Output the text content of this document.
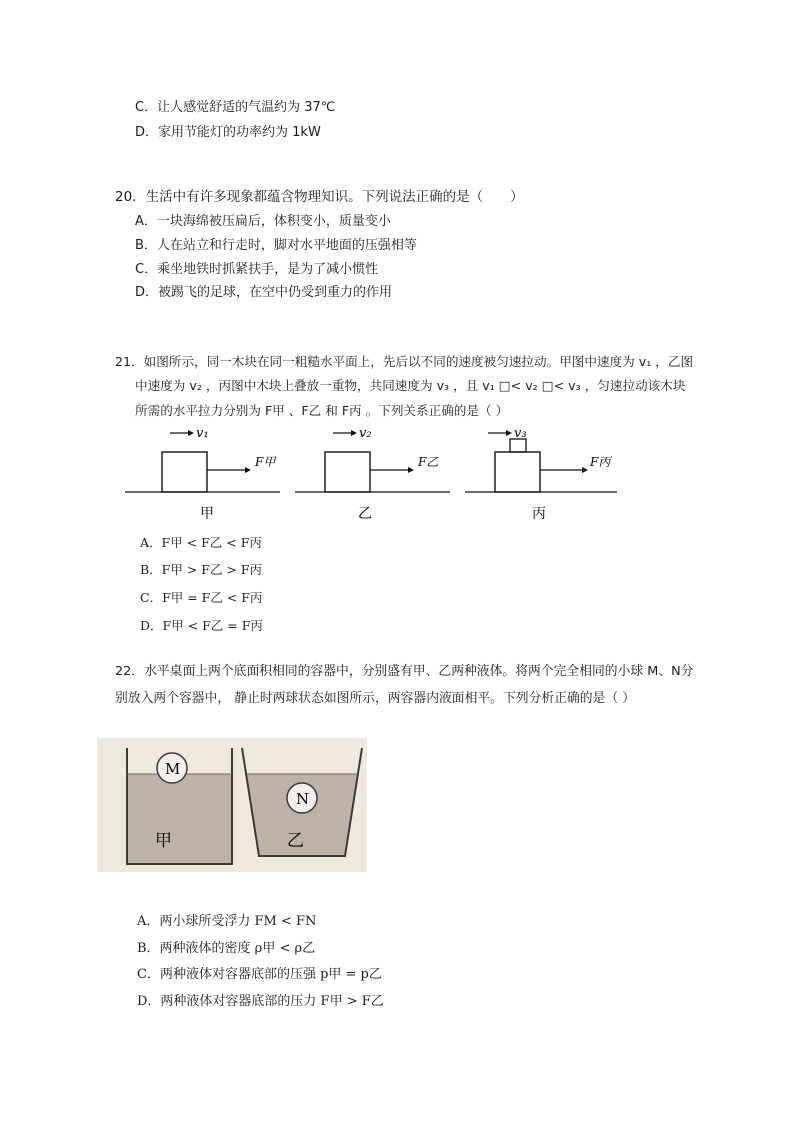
C．让人感觉舒适的气温约为 37℃
D．家用节能灯的功率约为 1kW
20．生活中有许多现象都蕴含物理知识。下列说法正确的是（　　）
A．一块海绵被压扁后，体积变小，质量变小
B．人在站立和行走时，脚对水平地面的压强相等
C．乘坐地铁时抓紧扶手，是为了减小惯性
D．被踢飞的足球，在空中仍受到重力的作用
21．如图所示，同一木块在同一粗糙水平面上，先后以不同的速度被匀速拉动。甲图中速度为 v₁ ，乙图
中速度为 v₂ ，丙图中木块上叠放一重物，共同速度为 v₃ ，且 v₁ □< v₂ □< v₃ ，匀速拉动该木块
所需的水平拉力分别为 F甲 、F乙 和 F丙 。下列关系正确的是（ ）
v₁
F甲
甲
v₂
F乙
乙
v₃
F丙
丙
A．F甲 < F乙 < F丙
B．F甲 > F乙 > F丙
C．F甲 = F乙 < F丙
D．F甲 < F乙 = F丙
22．水平桌面上两个底面积相同的容器中，分别盛有甲、乙两种液体。将两个完全相同的小球 M、N分
别放入两个容器中， 静止时两球状态如图所示，两容器内液面相平。下列分析正确的是（ ）
M
甲
N
乙
A．两小球所受浮力 FM < FN
B．两种液体的密度 ρ甲 < ρ乙
C．两种液体对容器底部的压强 p甲 = p乙
D．两种液体对容器底部的压力 F甲 > F乙
